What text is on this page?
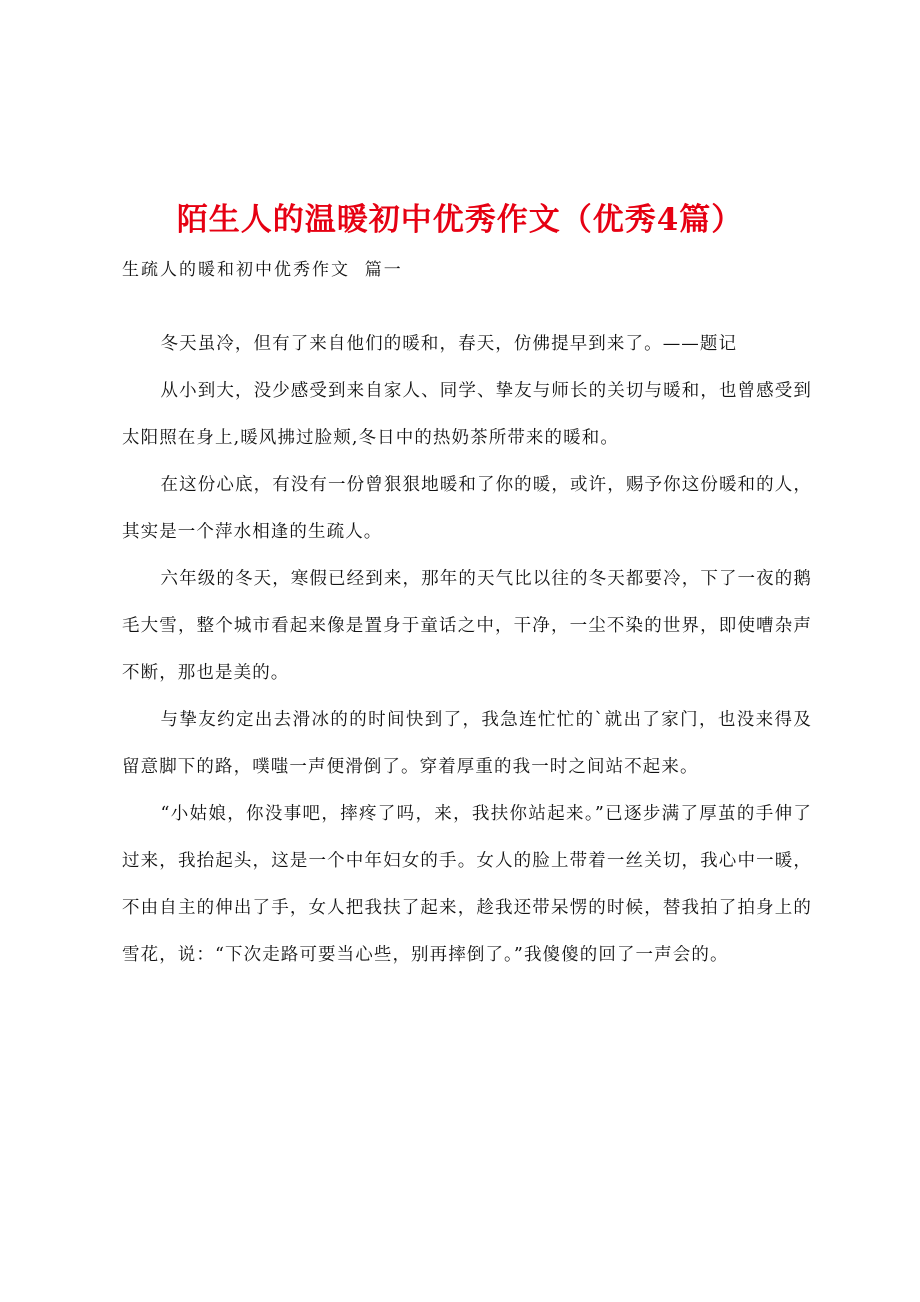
陌生人的温暖初中优秀作文（优秀4篇）

生疏人的暖和初中优秀作文  篇一

冬天虽冷，但有了来自他们的暖和，春天，仿佛提早到来了。——题记

从小到大，没少感受到来自家人、同学、挚友与师长的关切与暖和，也曾感受到太阳照在身上,暖风拂过脸颊,冬日中的热奶茶所带来的暖和。

在这份心底，有没有一份曾狠狠地暖和了你的暖，或许，赐予你这份暖和的人，其实是一个萍水相逢的生疏人。

六年级的冬天，寒假已经到来，那年的天气比以往的冬天都要冷，下了一夜的鹅毛大雪，整个城市看起来像是置身于童话之中，干净，一尘不染的世界，即使嘈杂声不断，那也是美的。

与挚友约定出去滑冰的的时间快到了，我急连忙忙的`就出了家门，也没来得及留意脚下的路，噗嗤一声便滑倒了。穿着厚重的我一时之间站不起来。

“小姑娘，你没事吧，摔疼了吗，来，我扶你站起来。”已逐步满了厚茧的手伸了过来，我抬起头，这是一个中年妇女的手。女人的脸上带着一丝关切，我心中一暖，不由自主的伸出了手，女人把我扶了起来，趁我还带呆愣的时候，替我拍了拍身上的雪花，说：“下次走路可要当心些，别再摔倒了。”我傻傻的回了一声会的。
